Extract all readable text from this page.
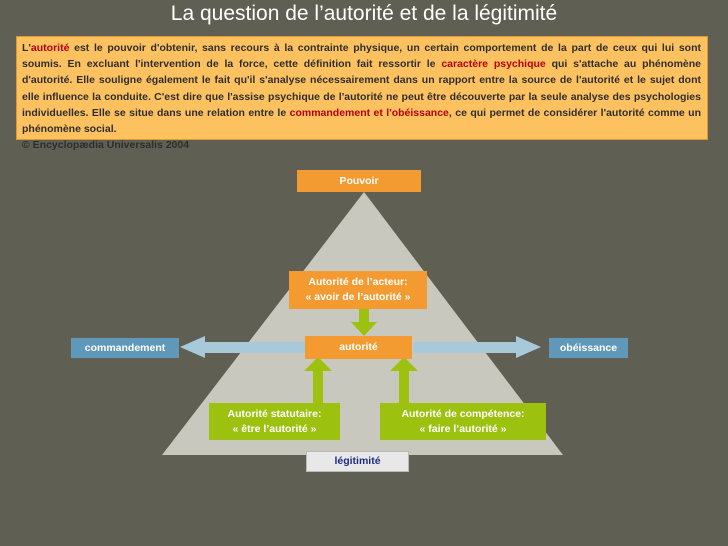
La question de l’autorité et de la légitimité
L'autorité est le pouvoir d'obtenir, sans recours à la contrainte physique, un certain comportement de la part de ceux qui lui sont soumis. En excluant l'intervention de la force, cette définition fait ressortir le caractère psychique qui s'attache au phénomène d'autorité. Elle souligne également le fait qu'il s'analyse nécessairement dans un rapport entre la source de l'autorité et le sujet dont elle influence la conduite. C'est dire que l'assise psychique de l'autorité ne peut être découverte par la seule analyse des psychologies individuelles. Elle se situe dans une relation entre le commandement et l'obéissance, ce qui permet de considérer l'autorité comme un phénomène social.
© Encyclopædia Universalis 2004
Pouvoir
Autorité de l’acteur:
« avoir de l’autorité »
autorité
commandement	obéissance
Autorité statutaire:
« être l’autorité »
Autorité de compétence:
« faire l’autorité »
légitimité
